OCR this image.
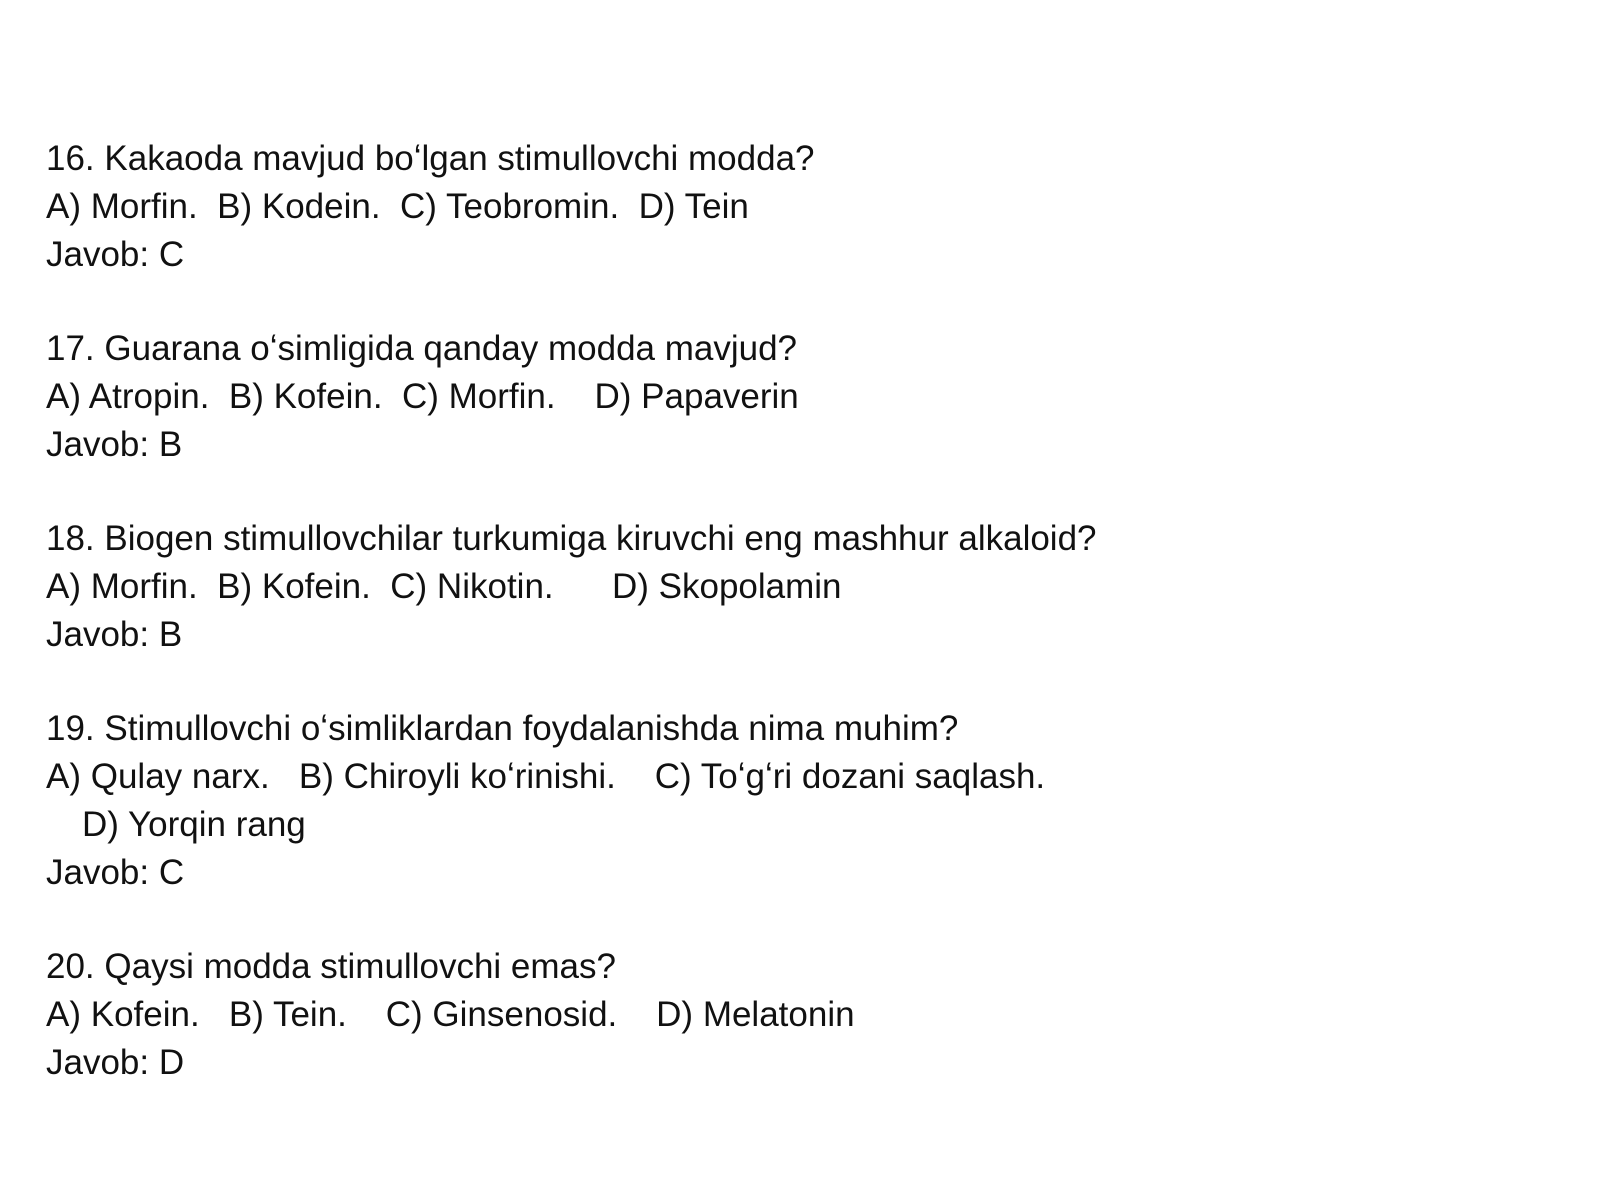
16. Kakaoda mavjud boʻlgan stimullovchi modda?
A) Morfin.  B) Kodein.  C) Teobromin.  D) Tein
Javob: C
17. Guarana oʻsimligida qanday modda mavjud?
A) Atropin.  B) Kofein.  C) Morfin.    D) Papaverin
Javob: B
18. Biogen stimullovchilar turkumiga kiruvchi eng mashhur alkaloid?
A) Morfin.  B) Kofein.  C) Nikotin.      D) Skopolamin
Javob: B
19. Stimullovchi oʻsimliklardan foydalanishda nima muhim?
A) Qulay narx.   B) Chiroyli koʻrinishi.    C) Toʻgʻri dozani saqlash.
D) Yorqin rang
Javob: C
20. Qaysi modda stimullovchi emas?
A) Kofein.   B) Tein.    C) Ginsenosid.    D) Melatonin
Javob: D
